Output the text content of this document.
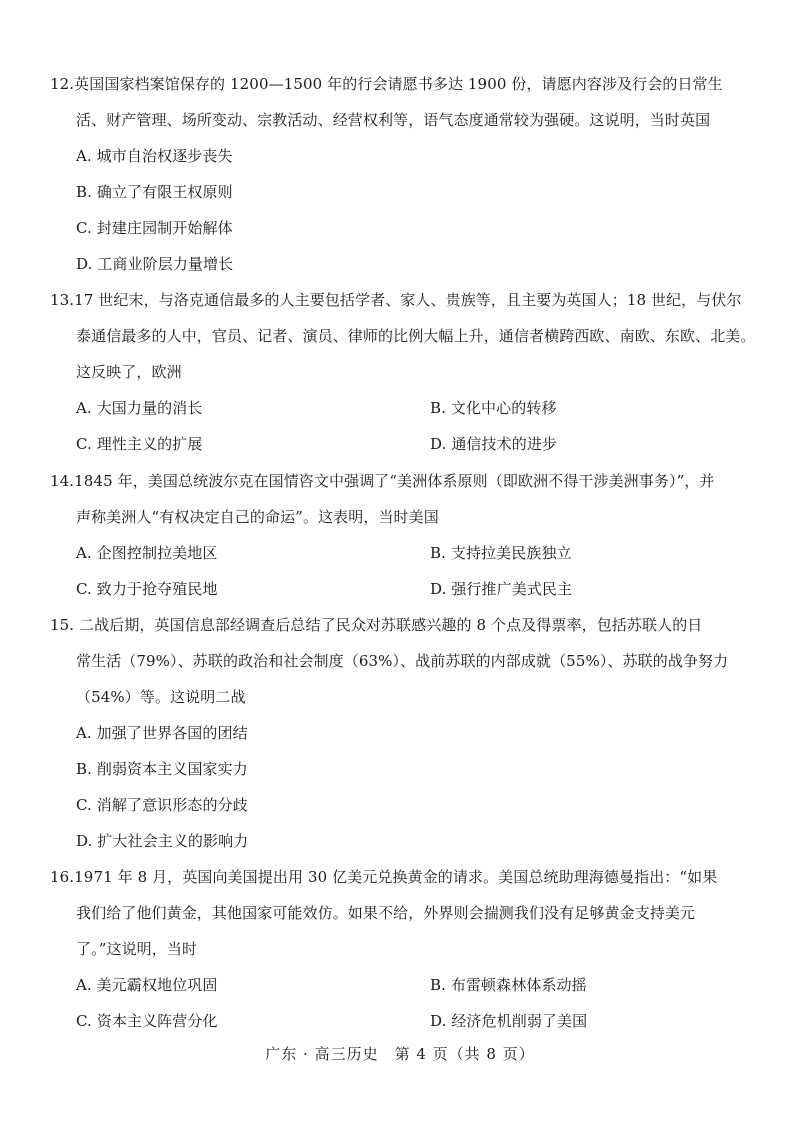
12.英国国家档案馆保存的 1200—1500 年的行会请愿书多达 1900 份，请愿内容涉及行会的日常生
活、财产管理、场所变动、宗教活动、经营权利等，语气态度通常较为强硬。这说明，当时英国
A. 城市自治权逐步丧失
B. 确立了有限王权原则
C. 封建庄园制开始解体
D. 工商业阶层力量增长
13.17 世纪末，与洛克通信最多的人主要包括学者、家人、贵族等，且主要为英国人；18 世纪，与伏尔
泰通信最多的人中，官员、记者、演员、律师的比例大幅上升，通信者横跨西欧、南欧、东欧、北美。
这反映了，欧洲
A. 大国力量的消长	B. 文化中心的转移
C. 理性主义的扩展	D. 通信技术的进步
14.1845 年，美国总统波尔克在国情咨文中强调了“美洲体系原则（即欧洲不得干涉美洲事务）”，并
声称美洲人“有权决定自己的命运”。这表明，当时美国
A. 企图控制拉美地区	B. 支持拉美民族独立
C. 致力于抢夺殖民地	D. 强行推广美式民主
15. 二战后期，英国信息部经调查后总结了民众对苏联感兴趣的 8 个点及得票率，包括苏联人的日
常生活（79%）、苏联的政治和社会制度（63%）、战前苏联的内部成就（55%）、苏联的战争努力
（54%）等。这说明二战
A. 加强了世界各国的团结
B. 削弱资本主义国家实力
C. 消解了意识形态的分歧
D. 扩大社会主义的影响力
16.1971 年 8 月，英国向美国提出用 30 亿美元兑换黄金的请求。美国总统助理海德曼指出：“如果
我们给了他们黄金，其他国家可能效仿。如果不给，外界则会揣测我们没有足够黄金支持美元
了。”这说明，当时
A. 美元霸权地位巩固	B. 布雷顿森林体系动摇
C. 资本主义阵营分化	D. 经济危机削弱了美国
广东 · 高三历史　第 4 页（共 8 页）
